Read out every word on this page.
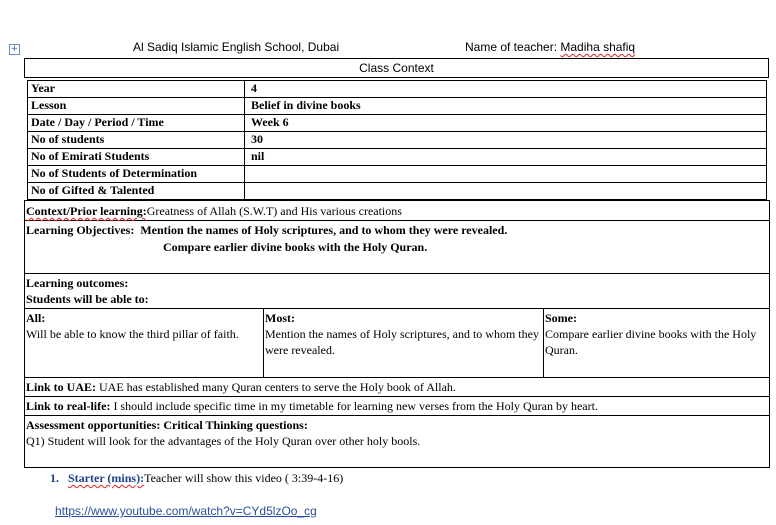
+	Al Sadiq Islamic English School, Dubai	Name of teacher: Madiha shafiq
Class Context
Year	4
Lesson	Belief in divine books
Date / Day / Period / Time	Week 6
No of students	30
No of Emirati Students	nil
No of Students of Determination
No of Gifted & Talented
Context/Prior learning:Greatness of Allah (S.W.T) and His various creations
Learning Objectives: Mention the names of Holy scriptures, and to whom they were revealed.
Compare earlier divine books with the Holy Quran.
Learning outcomes:
Students will be able to:
All:
Will be able to know the third pillar of faith.
Most:
Mention the names of Holy scriptures, and to whom they were revealed.
Some:
Compare earlier divine books with the Holy Quran.
Link to UAE: UAE has established many Quran centers to serve the Holy book of Allah.
Link to real-life: I should include specific time in my timetable for learning new verses from the Holy Quran by heart.
Assessment opportunities: Critical Thinking questions:
Q1) Student will look for the advantages of the Holy Quran over other holy bools.
1. Starter (mins):Teacher will show this video ( 3:39-4-16)
https://www.youtube.com/watch?v=CYd5lzOo_cg
